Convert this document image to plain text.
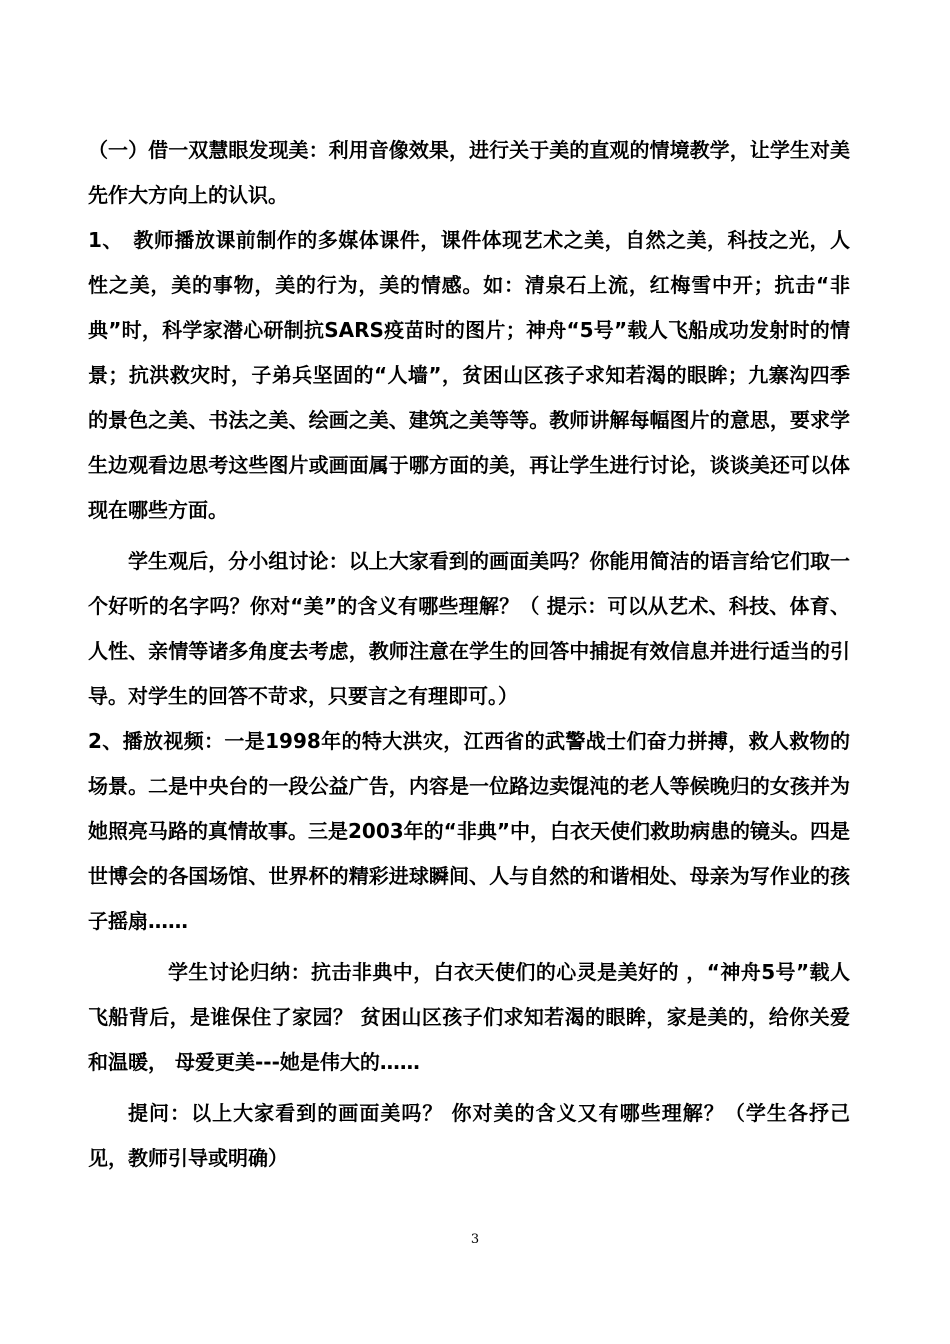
（一）借一双慧眼发现美：利用音像效果，进行关于美的直观的情境教学，让学生对美先作大方向上的认识。

1、　教师播放课前制作的多媒体课件，课件体现艺术之美，自然之美，科技之光，人性之美，美的事物，美的行为，美的情感。如：清泉石上流，红梅雪中开；抗击“非典”时，科学家潜心研制抗SARS疫苗时的图片；神舟“5号”载人飞船成功发射时的情景；抗洪救灾时，子弟兵坚固的“人墙”，贫困山区孩子求知若渴的眼眸；九寨沟四季的景色之美、书法之美、绘画之美、建筑之美等等。教师讲解每幅图片的意思，要求学生边观看边思考这些图片或画面属于哪方面的美，再让学生进行讨论，谈谈美还可以体现在哪些方面。

学生观后，分小组讨论：以上大家看到的画面美吗？你能用简洁的语言给它们取一个好听的名字吗？你对“美”的含义有哪些理解？（ 提示：可以从艺术、科技、体育、人性、亲情等诸多角度去考虑，教师注意在学生的回答中捕捉有效信息并进行适当的引导。对学生的回答不苛求，只要言之有理即可。）

2、播放视频：一是1998年的特大洪灾，江西省的武警战士们奋力拼搏，救人救物的场景。二是中央台的一段公益广告，内容是一位路边卖馄沌的老人等候晚归的女孩并为她照亮马路的真情故事。三是2003年的“非典”中，白衣天使们救助病患的镜头。四是世博会的各国场馆、世界杯的精彩进球瞬间、人与自然的和谐相处、母亲为写作业的孩子摇扇……

学生讨论归纳：抗击非典中，白衣天使们的心灵是美好的 ，“神舟5号”载人飞船背后，是谁保住了家园？ 贫困山区孩子们求知若渴的眼眸，家是美的，给你关爱和温暖， 母爱更美---她是伟大的……

提问：以上大家看到的画面美吗？ 你对美的含义又有哪些理解？（学生各抒己见，教师引导或明确）

3
